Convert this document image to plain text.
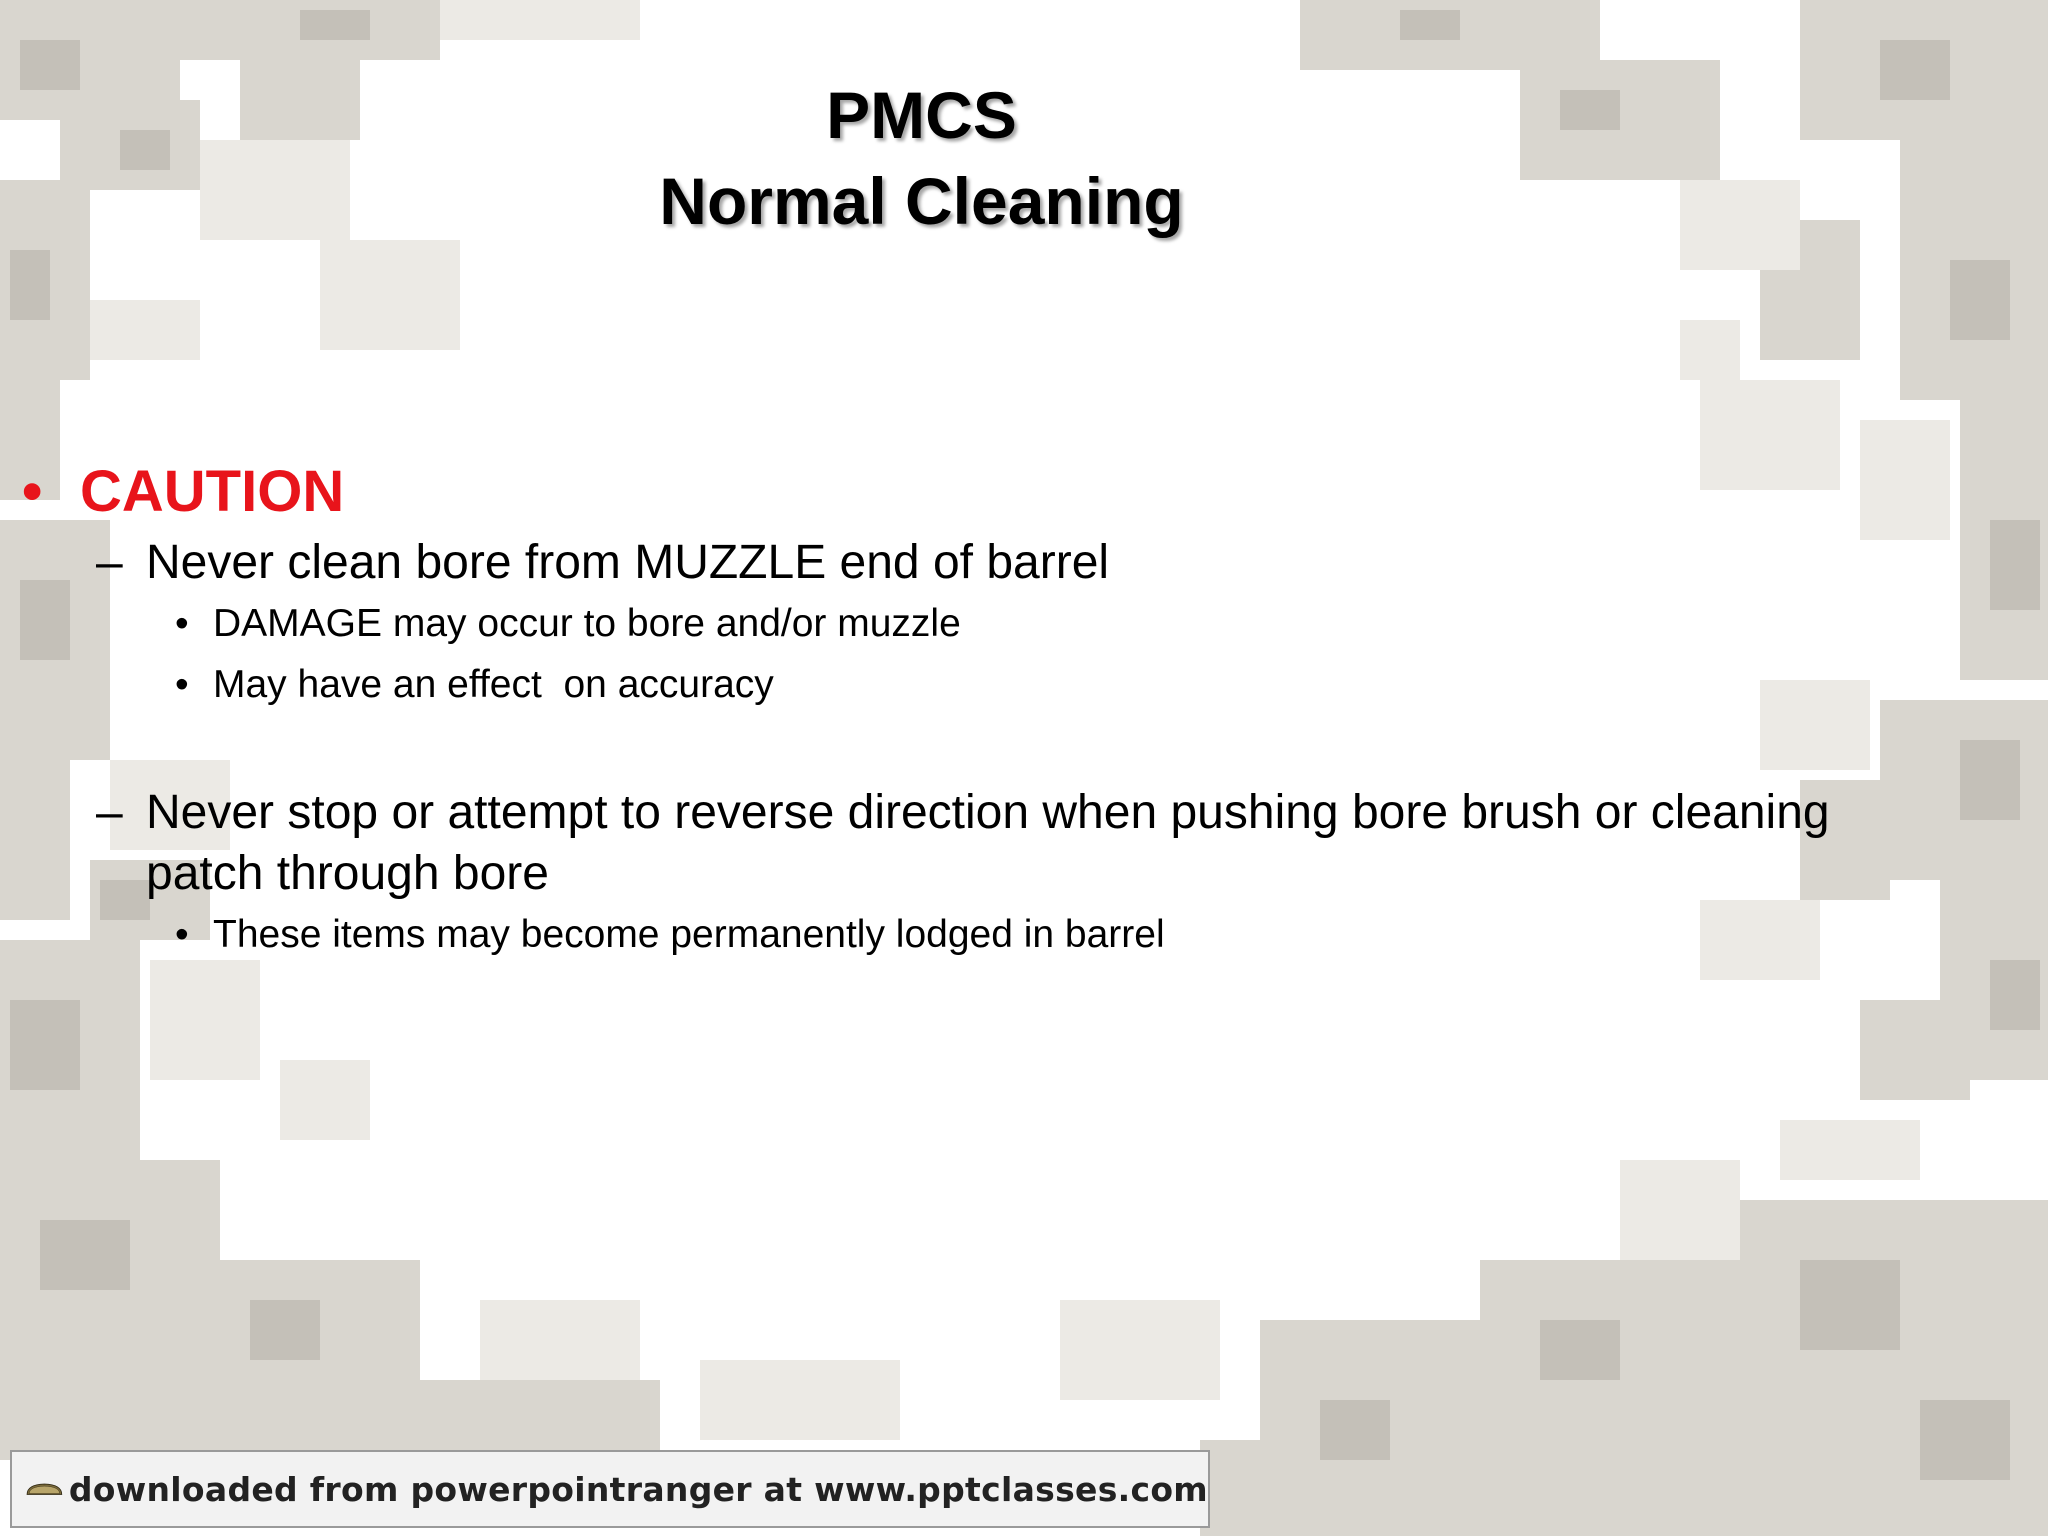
PMCS
Normal Cleaning
• CAUTION
– Never clean bore from MUZZLE end of barrel
• DAMAGE may occur to bore and/or muzzle
• May have an effect  on accuracy
– Never stop or attempt to reverse direction when pushing bore brush or cleaning
patch through bore
• These items may become permanently lodged in barrel
downloaded from powerpointranger at www.pptclasses.com
